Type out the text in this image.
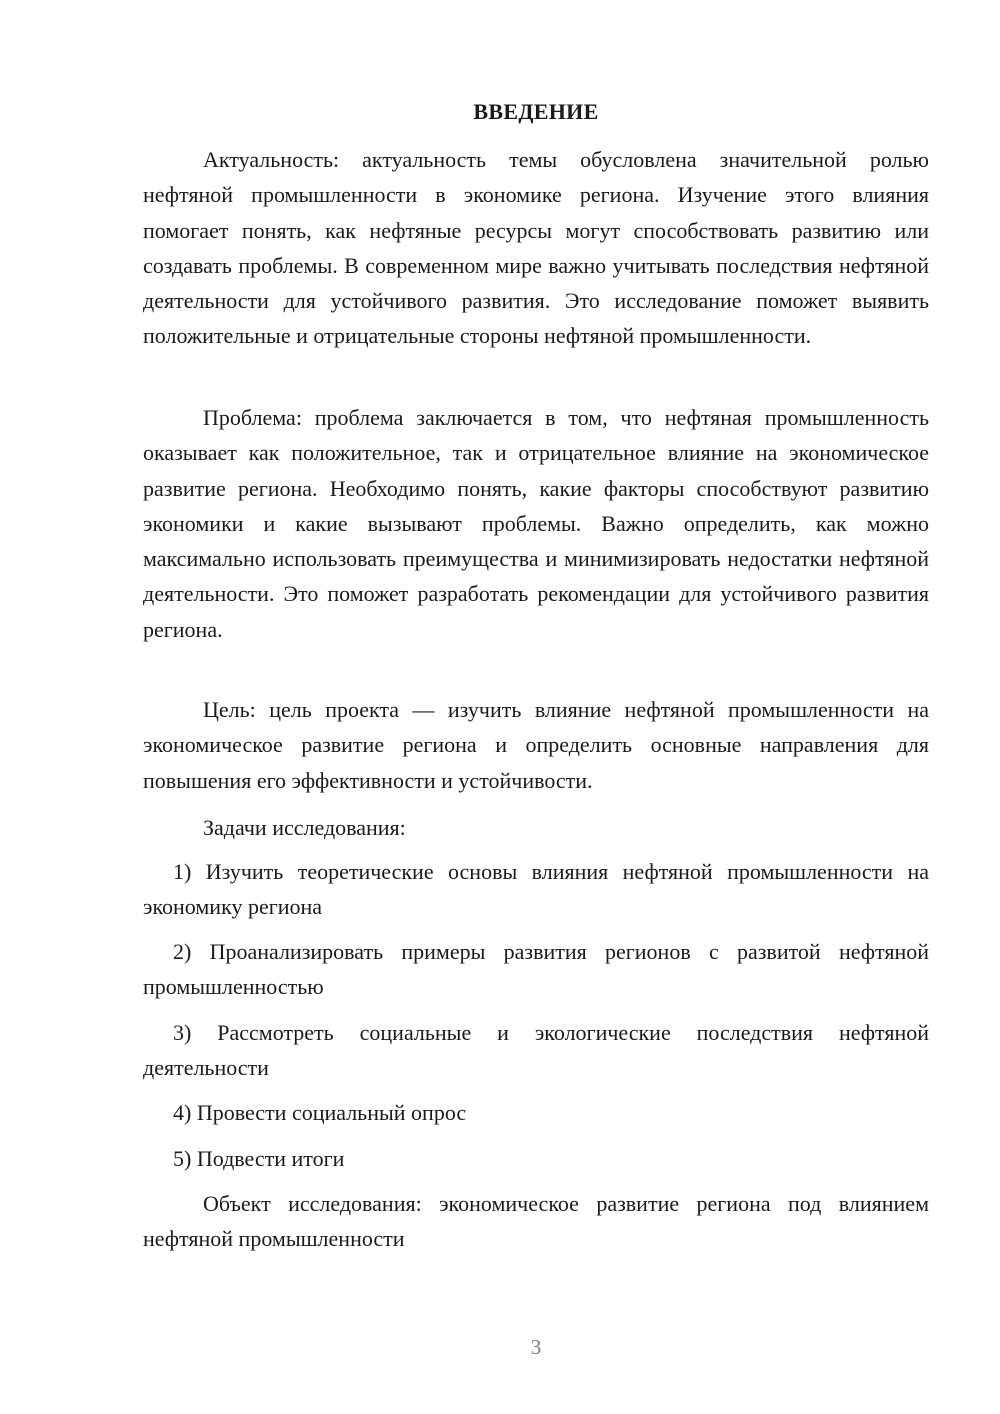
ВВЕДЕНИЕ

Актуальность: актуальность темы обусловлена значительной ролью нефтяной промышленности в экономике региона. Изучение этого влияния помогает понять, как нефтяные ресурсы могут способствовать развитию или создавать проблемы. В современном мире важно учитывать последствия нефтяной деятельности для устойчивого развития. Это исследование поможет выявить положительные и отрицательные стороны нефтяной промышленности.

Проблема: проблема заключается в том, что нефтяная промышленность оказывает как положительное, так и отрицательное влияние на экономическое развитие региона. Необходимо понять, какие факторы способствуют развитию экономики и какие вызывают проблемы. Важно определить, как можно максимально использовать преимущества и минимизировать недостатки нефтяной деятельности. Это поможет разработать рекомендации для устойчивого развития региона.

Цель: цель проекта — изучить влияние нефтяной промышленности на экономическое развитие региона и определить основные направления для повышения его эффективности и устойчивости.

Задачи исследования:

1) Изучить теоретические основы влияния нефтяной промышленности на экономику региона

2) Проанализировать примеры развития регионов с развитой нефтяной промышленностью

3) Рассмотреть социальные и экологические последствия нефтяной деятельности

4) Провести социальный опрос

5) Подвести итоги

Объект исследования: экономическое развитие региона под влиянием нефтяной промышленности

3
